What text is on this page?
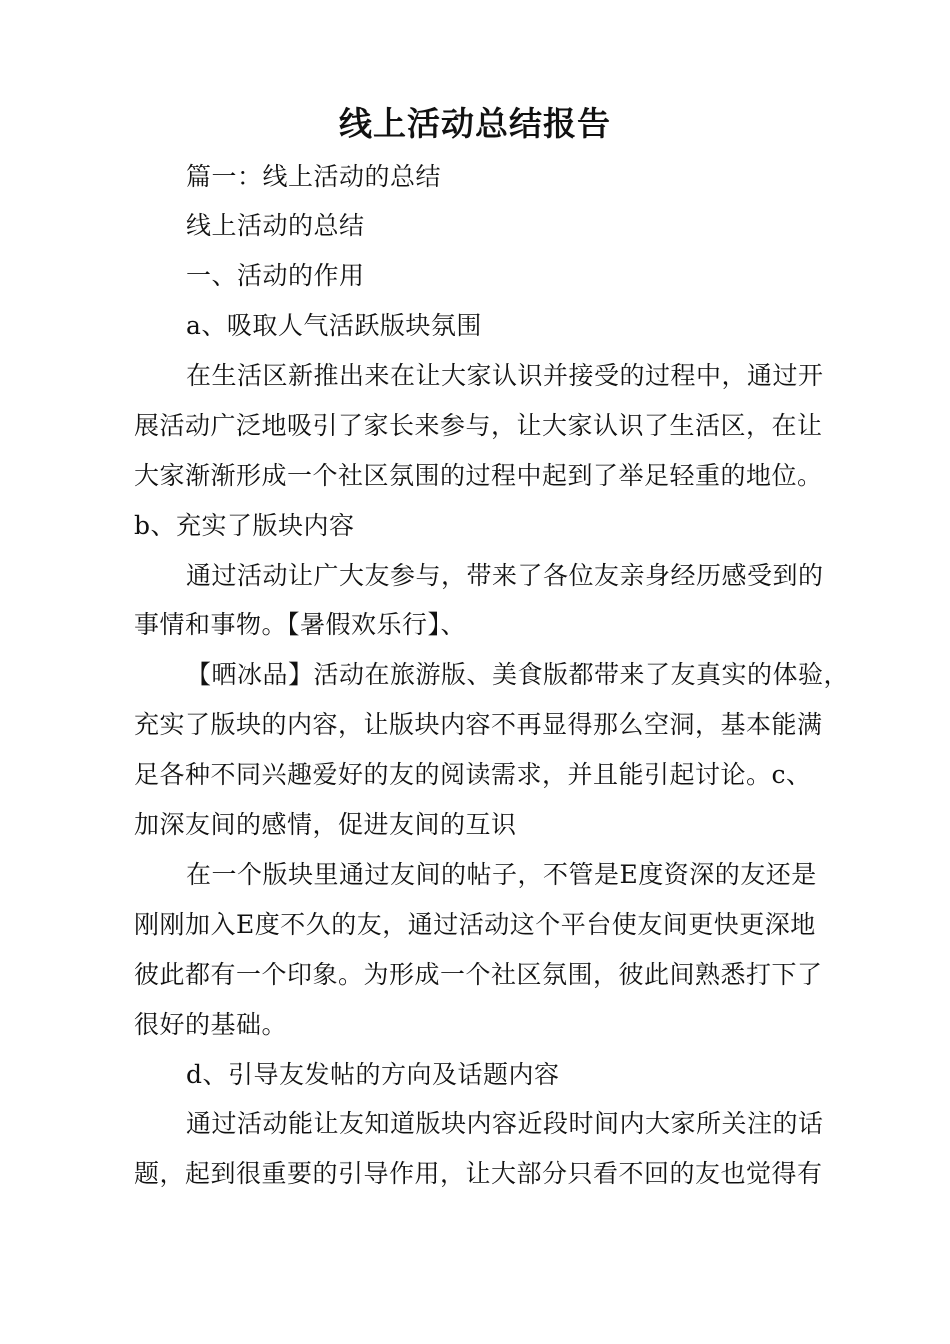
线上活动总结报告
篇一：线上活动的总结
线上活动的总结
一、活动的作用
a、吸取人气活跃版块氛围
在生活区新推出来在让大家认识并接受的过程中，通过开
展活动广泛地吸引了家长来参与，让大家认识了生活区，在让
大家渐渐形成一个社区氛围的过程中起到了举足轻重的地位。
b、充实了版块内容
通过活动让广大友参与，带来了各位友亲身经历感受到的
事情和事物。【暑假欢乐行】、
【晒冰品】活动在旅游版、美食版都带来了友真实的体验，
充实了版块的内容，让版块内容不再显得那么空洞，基本能满
足各种不同兴趣爱好的友的阅读需求，并且能引起讨论。c、
加深友间的感情，促进友间的互识
在一个版块里通过友间的帖子，不管是E度资深的友还是
刚刚加入E度不久的友，通过活动这个平台使友间更快更深地
彼此都有一个印象。为形成一个社区氛围，彼此间熟悉打下了
很好的基础。
d、引导友发帖的方向及话题内容
通过活动能让友知道版块内容近段时间内大家所关注的话
题，起到很重要的引导作用，让大部分只看不回的友也觉得有
